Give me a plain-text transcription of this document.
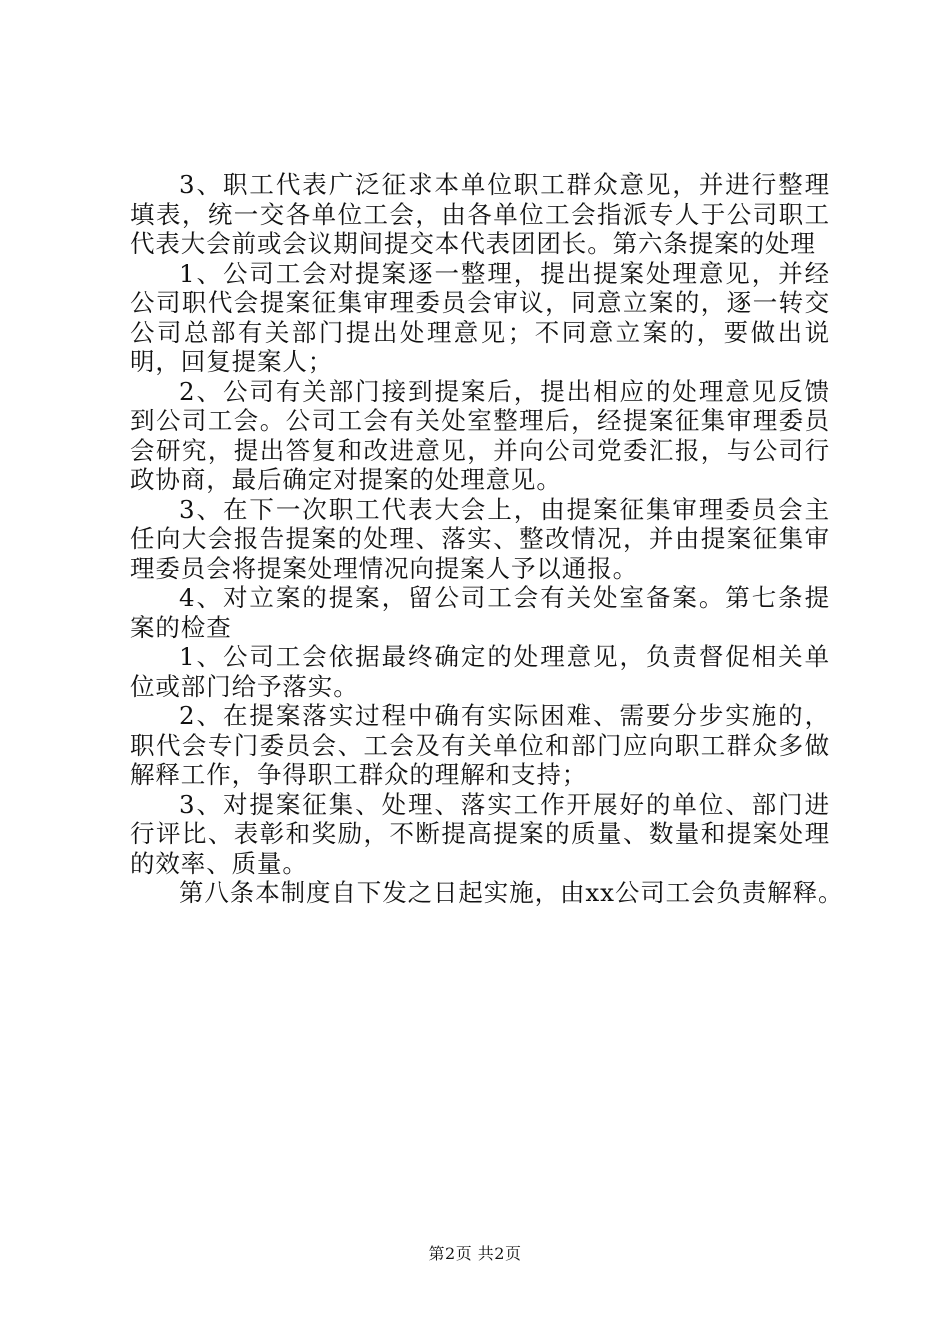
3、职工代表广泛征求本单位职工群众意见，并进行整理填表，统一交各单位工会，由各单位工会指派专人于公司职工代表大会前或会议期间提交本代表团团长。第六条提案的处理

1、公司工会对提案逐一整理，提出提案处理意见，并经公司职代会提案征集审理委员会审议，同意立案的，逐一转交公司总部有关部门提出处理意见；不同意立案的，要做出说明，回复提案人；

2、公司有关部门接到提案后，提出相应的处理意见反馈到公司工会。公司工会有关处室整理后，经提案征集审理委员会研究，提出答复和改进意见，并向公司党委汇报，与公司行政协商，最后确定对提案的处理意见。

3、在下一次职工代表大会上，由提案征集审理委员会主任向大会报告提案的处理、落实、整改情况，并由提案征集审理委员会将提案处理情况向提案人予以通报。

4、对立案的提案，留公司工会有关处室备案。第七条提案的检查

1、公司工会依据最终确定的处理意见，负责督促相关单位或部门给予落实。

2、在提案落实过程中确有实际困难、需要分步实施的，职代会专门委员会、工会及有关单位和部门应向职工群众多做解释工作，争得职工群众的理解和支持；

3、对提案征集、处理、落实工作开展好的单位、部门进行评比、表彰和奖励，不断提高提案的质量、数量和提案处理的效率、质量。

第八条本制度自下发之日起实施，由xx公司工会负责解释。

第2页 共2页
